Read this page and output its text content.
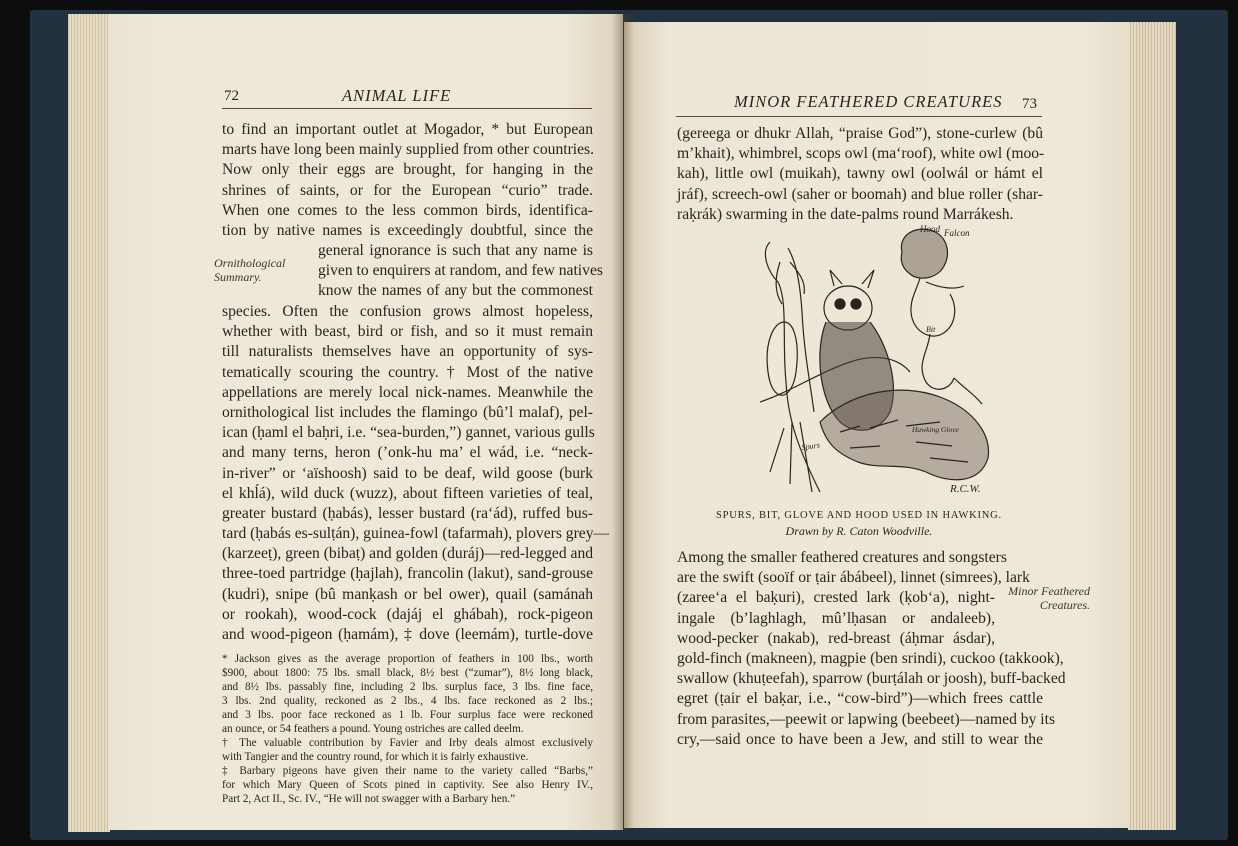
72	ANIMAL LIFE
to find an important outlet at Mogador, * but European
marts have long been mainly supplied from other countries.
Now only their eggs are brought, for hanging in the
shrines of saints, or for the European “curio” trade.
When one comes to the less common birds, identifica-
tion by native names is exceedingly doubtful, since the
general ignorance is such that any name is
given to enquirers at random, and few natives
know the names of any but the commonest
Ornithological
Summary.
species. Often the confusion grows almost hopeless,
whether with beast, bird or fish, and so it must remain
till naturalists themselves have an opportunity of sys-
tematically scouring the country. † Most of the native
appellations are merely local nick-names. Meanwhile the
ornithological list includes the flamingo (bû’l malaf), pel-
ican (ḥaml el baḥri, i.e. “sea-burden,”) gannet, various gulls
and many terns, heron (’onk-hu ma’ el wád, i.e. “neck-
in-river” or ‘aïshoosh) said to be deaf, wild goose (burk
el khĺá), wild duck (wuzz), about fifteen varieties of teal,
greater bustard (ḥabás), lesser bustard (ra‘ád), ruffed bus-
tard (ḥabás es-sulṭán), guinea-fowl (tafarmah), plovers grey—
(karzeeṭ), green (bibaṭ) and golden (duráj)—red-legged and
three-toed partridge (ḥajlah), francolin (lakut), sand-grouse
(kudri), snipe (bû manḳash or bel ower), quail (samánah
or rookah), wood-cock (dajáj el ghábah), rock-pigeon
and wood-pigeon (ḥamám), ‡ dove (leemám), turtle-dove
* Jackson gives as the average proportion of feathers in 100 lbs., worth
$900, about 1800: 75 lbs. small black, 8½ best (“zumar”), 8½ long black,
and 8½ lbs. passably fine, including 2 lbs. surplus face, 3 lbs. fine face,
3 lbs. 2nd quality, reckoned as 2 lbs., 4 lbs. face reckoned as 2 lbs.;
and 3 lbs. poor face reckoned as 1 lb. Four surplus face were reckoned
an ounce, or 54 feathers a pound. Young ostriches are called deelm.
† The valuable contribution by Favier and Irby deals almost exclusively
with Tangier and the country round, for which it is fairly exhaustive.
‡ Barbary pigeons have given their name to the variety called “Barbs,”
for which Mary Queen of Scots pined in captivity. See also Henry IV.,
Part 2, Act II., Sc. IV., “He will not swagger with a Barbary hen.”
MINOR FEATHERED CREATURES 73
(gereega or dhukr Allah, “praise God”), stone-curlew (bû
m’khait), whimbrel, scops owl (ma‘roof), white owl (moo-
kah), little owl (muikah), tawny owl (oolwál or hámt el
jráf), screech-owl (saher or boomah) and blue roller (shar-
raḳrák) swarming in the date-palms round Marrákesh.
Hood Falcon
Bit
Spurs
Hawking Glove
R.C.W.
SPURS, BIT, GLOVE AND HOOD USED IN HAWKING.
Drawn by R. Caton Woodville.
Among the smaller feathered creatures and songsters
are the swift (sooïf or ṭair ábábeel), linnet (simrees), lark
(zaree‘a el baḳuri), crested lark (ḳob‘a), night-
ingale (b’laghlagh, mû’lḥasan or andaleeb),
wood-pecker (nakab), red-breast (áḥmar ásdar),
Minor Feathered
Creatures.
gold-finch (makneen), magpie (ben srindi), cuckoo (takkook),
swallow (khuṭeefah), sparrow (burṭálah or joosh), buff-backed
egret (ṭair el baḳar, i.e., “cow-bird”)—which frees cattle
from parasites,—peewit or lapwing (beebeet)—named by its
cry,—said once to have been a Jew, and still to wear the
